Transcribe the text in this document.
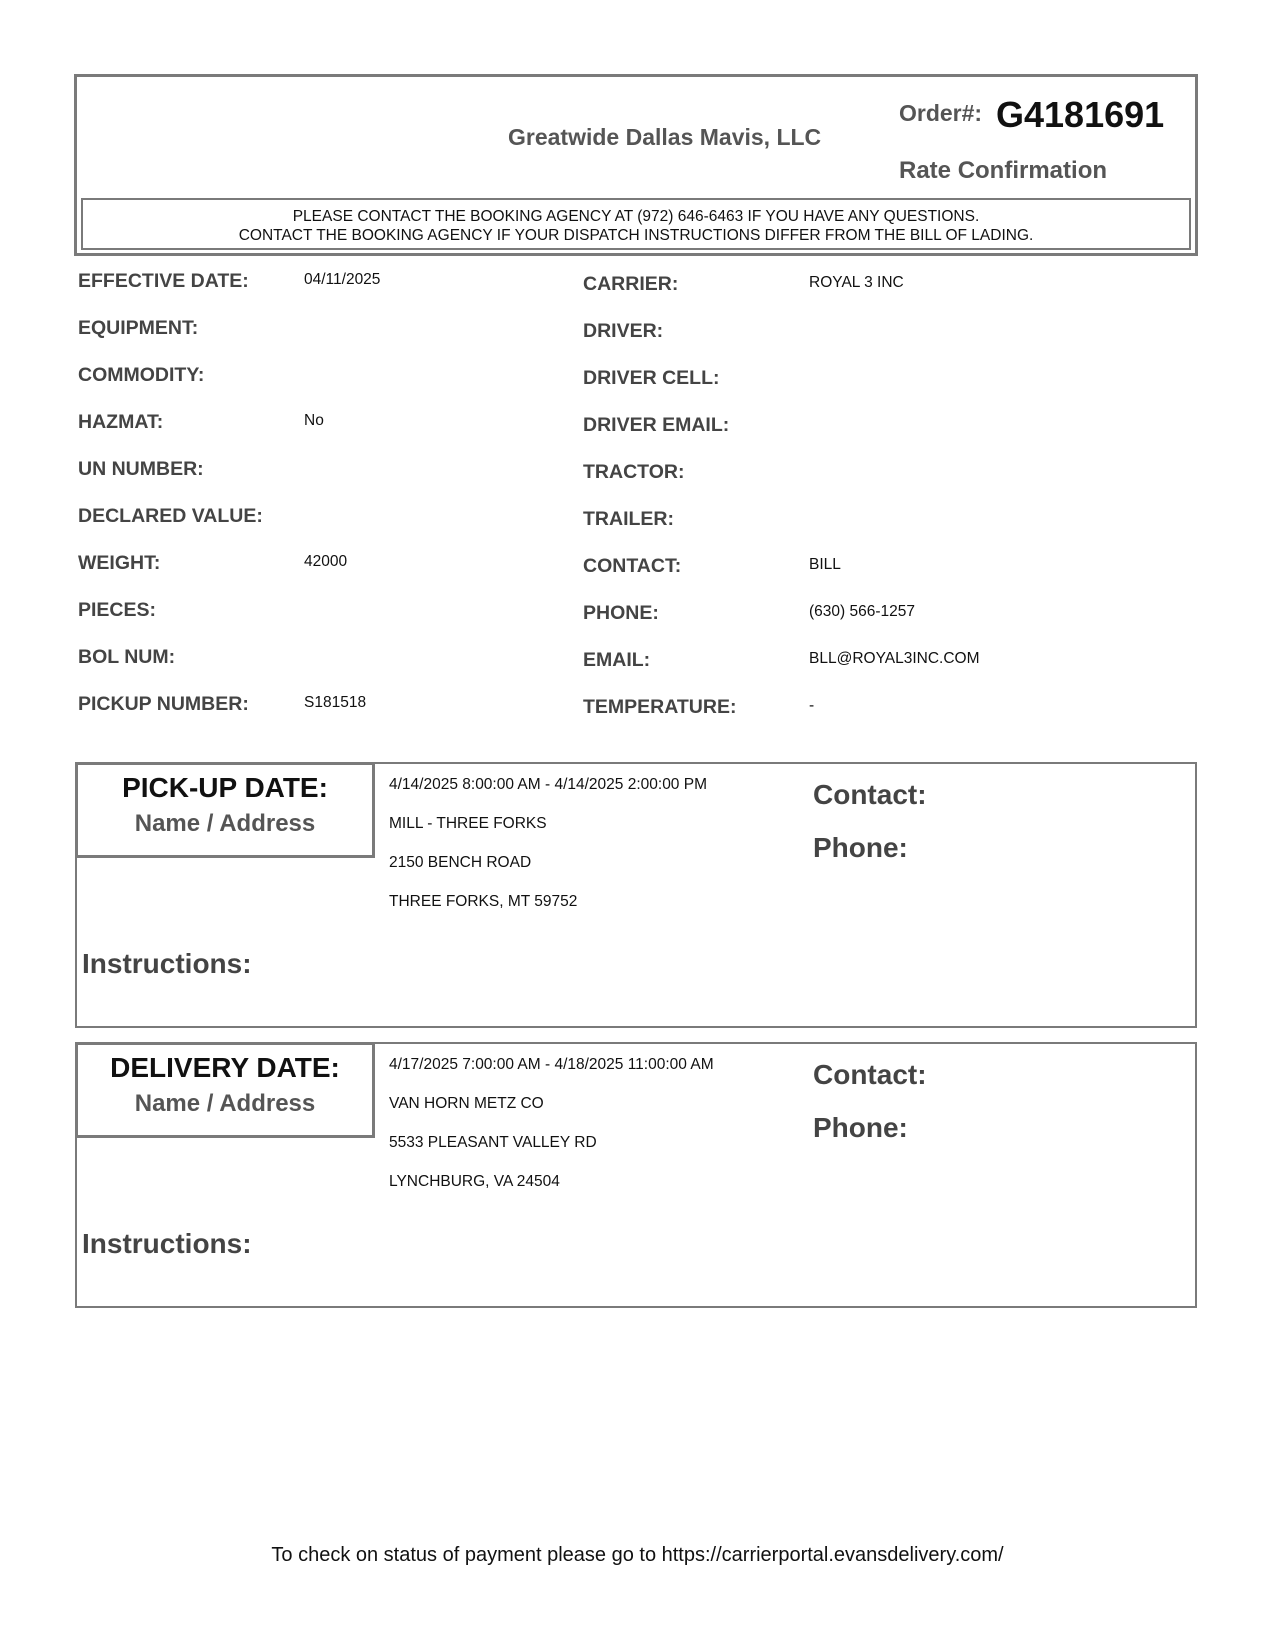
Greatwide Dallas Mavis, LLC
Order#: G4181691
Rate Confirmation
PLEASE CONTACT THE BOOKING AGENCY AT (972) 646-6463 IF YOU HAVE ANY QUESTIONS.
CONTACT THE BOOKING AGENCY IF YOUR DISPATCH INSTRUCTIONS DIFFER FROM THE BILL OF LADING.
EFFECTIVE DATE:	04/11/2025
EQUIPMENT:
COMMODITY:
HAZMAT:	No
UN NUMBER:
DECLARED VALUE:
WEIGHT:	42000
PIECES:
BOL NUM:
PICKUP NUMBER:	S181518
CARRIER:	ROYAL 3 INC
DRIVER:
DRIVER CELL:
DRIVER EMAIL:
TRACTOR:
TRAILER:
CONTACT:	BILL
PHONE:	(630) 566-1257
EMAIL:	BLL@ROYAL3INC.COM
TEMPERATURE:	-
PICK-UP DATE:
Name / Address
4/14/2025 8:00:00 AM - 4/14/2025 2:00:00 PM
MILL - THREE FORKS
2150 BENCH ROAD
THREE FORKS, MT 59752
Contact:
Phone:
Instructions:
DELIVERY DATE:
Name / Address
4/17/2025 7:00:00 AM - 4/18/2025 11:00:00 AM
VAN HORN METZ CO
5533 PLEASANT VALLEY RD
LYNCHBURG, VA 24504
Contact:
Phone:
Instructions:
To check on status of payment please go to https://carrierportal.evansdelivery.com/
